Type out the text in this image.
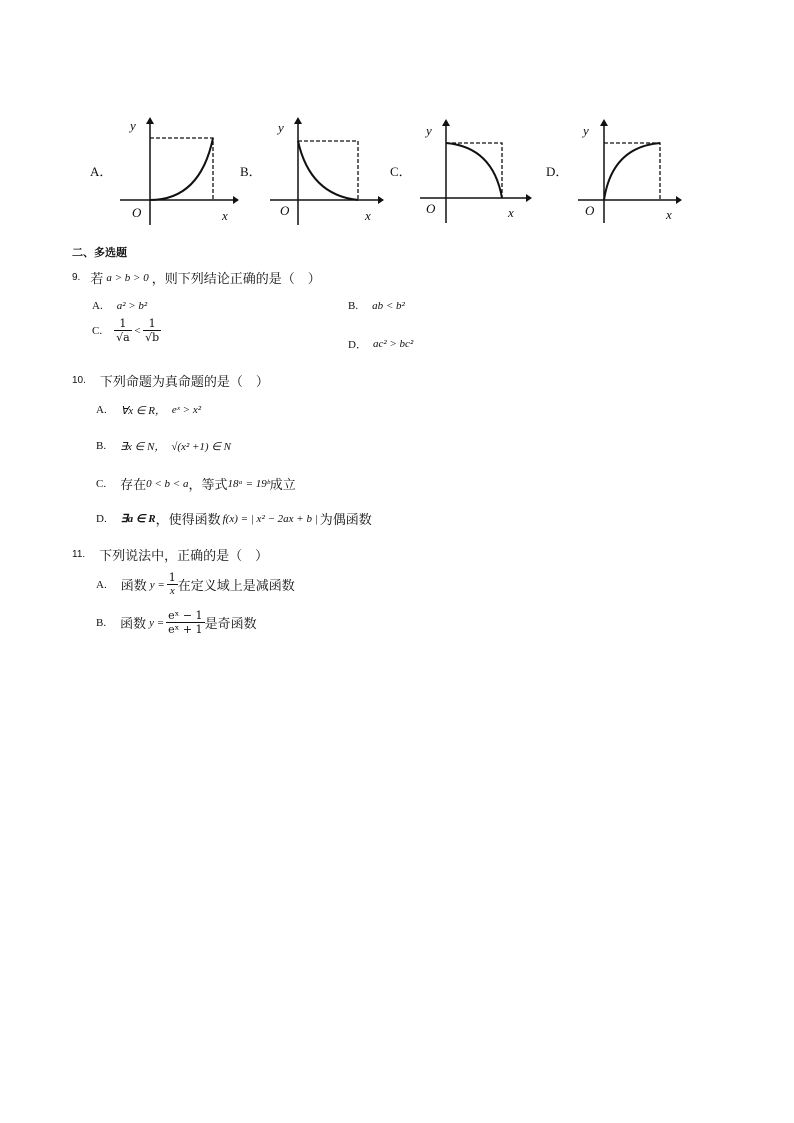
A．
y
x
O
B．
y
x
O
C．
y
x
O
D．
y
x
O
二、多选题
9. 若 a > b > 0 ，则下列结论正确的是（　）
A. a² > b²	B. ab < b²
C. $\frac{1}{√a} < \frac{1}{√b}$
D． ac² > bc²
10. 下列命题为真命题的是（　）
A. ∀x ∈ R， eˣ > x²
B. ∃x ∈ N， √(x² +1) ∈ N
C. 存在 0 < b < a ，等式 18ᵃ = 19ᵇ 成立
D. ∃a ∈ R ，使得函数 f(x) = | x² − 2ax + b | 为偶函数
11. 下列说法中，正确的是（　）
A. 函数 $y = \frac{1}{x}$ 在定义域上是减函数
B. 函数 $y = \frac{\text{eˣ − 1}}{\text{eˣ + 1}}$ 是奇函数
